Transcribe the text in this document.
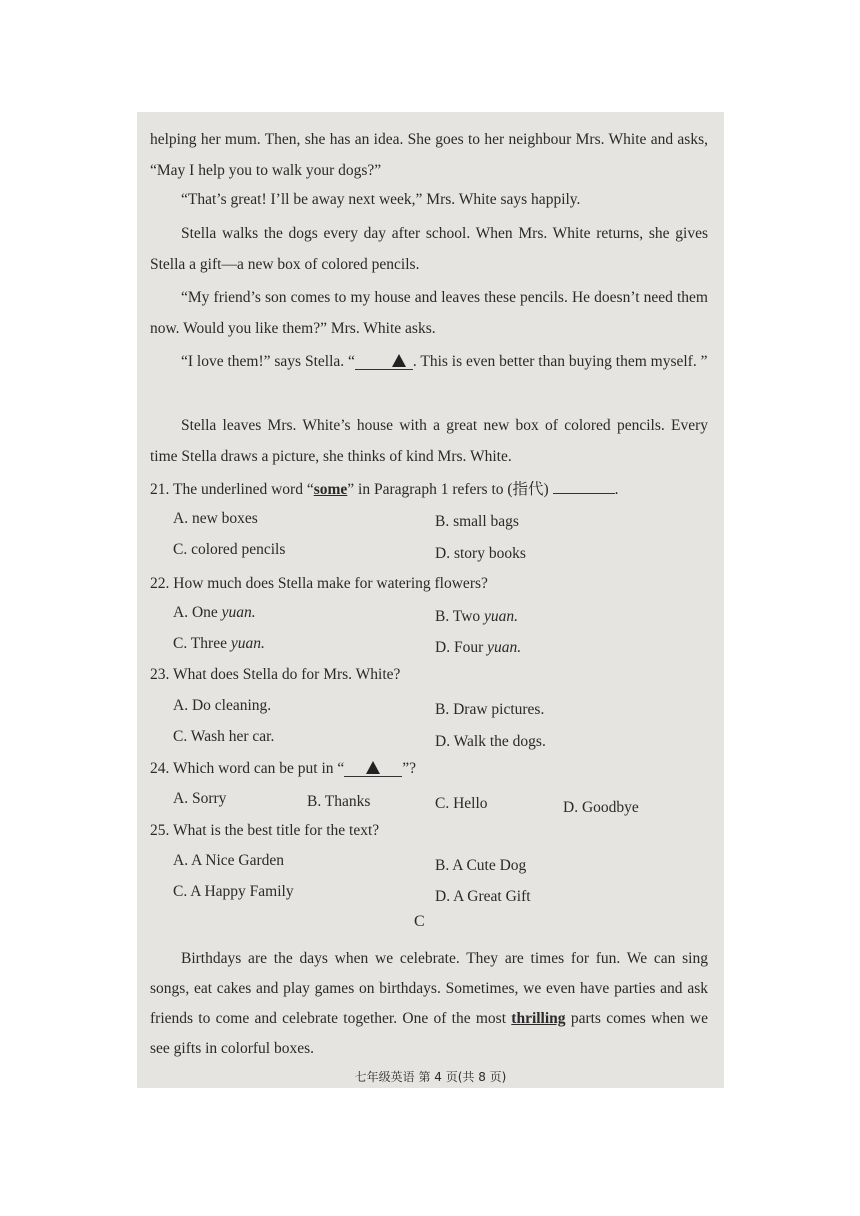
helping her mum. Then, she has an idea. She goes to her neighbour Mrs. White and asks, “May I help you to walk your dogs?”
“That’s great! I’ll be away next week,” Mrs. White says happily.
Stella walks the dogs every day after school. When Mrs. White returns, she gives Stella a gift—a new box of colored pencils.
“My friend’s son comes to my house and leaves these pencils. He doesn’t need them now. Would you like them?” Mrs. White asks.
“I love them!” says Stella. “	. This is even better than buying them myself. ”
Stella leaves Mrs. White’s house with a great new box of colored pencils. Every time Stella draws a picture, she thinks of kind Mrs. White.
21. The underlined word “some” in Paragraph 1 refers to (指代)	.
A. new boxes	B. small bags
C. colored pencils	D. story books
22. How much does Stella make for watering flowers?
A. One yuan.	B. Two yuan.
C. Three yuan.	D. Four yuan.
23. What does Stella do for Mrs. White?
A. Do cleaning.	B. Draw pictures.
C. Wash her car.	D. Walk the dogs.
24. Which word can be put in “	”?
A. Sorry	B. Thanks	C. Hello	D. Goodbye
25. What is the best title for the text?
A. A Nice Garden	B. A Cute Dog
C. A Happy Family	D. A Great Gift
C
Birthdays are the days when we celebrate. They are times for fun. We can sing songs, eat cakes and play games on birthdays. Sometimes, we even have parties and ask friends to come and celebrate together. One of the most thrilling parts comes when we see gifts in colorful boxes.
七年级英语 第 4 页(共 8 页)
